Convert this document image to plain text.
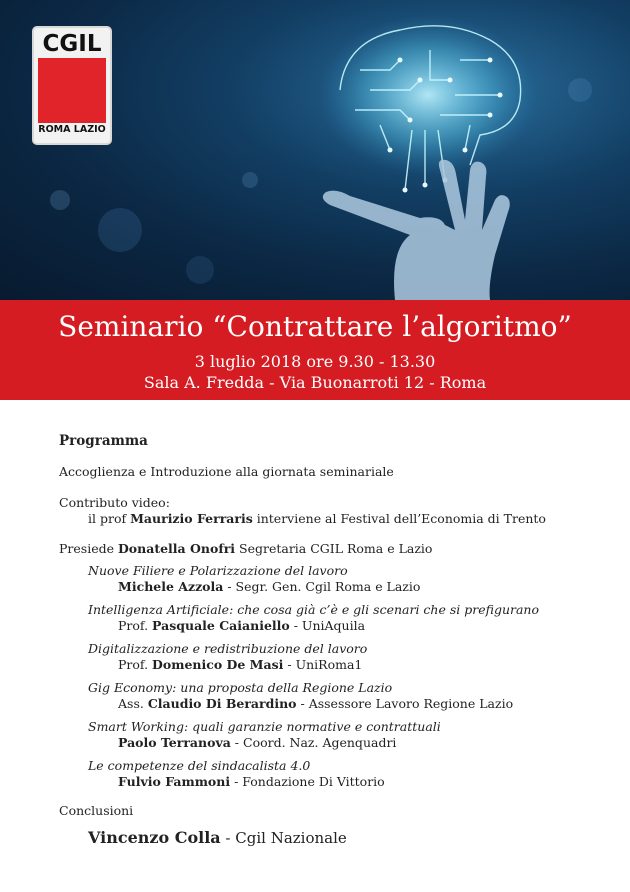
CGIL
ROMA LAZIO
Seminario “Contrattare l’algoritmo”
3 luglio 2018 ore 9.30 - 13.30
Sala A. Fredda - Via Buonarroti 12 - Roma
Programma
Accoglienza e Introduzione alla giornata seminariale
Contributo video:
il prof Maurizio Ferraris interviene al Festival dell’Economia di Trento
Presiede Donatella Onofri Segretaria CGIL Roma e Lazio
Nuove Filiere e Polarizzazione del lavoro
Michele Azzola - Segr. Gen. Cgil Roma e Lazio
Intelligenza Artificiale: che cosa già c’è e gli scenari che si prefigurano
Prof. Pasquale Caianiello - UniAquila
Digitalizzazione e redistribuzione del lavoro
Prof. Domenico De Masi - UniRoma1
Gig Economy: una proposta della Regione Lazio
Ass. Claudio Di Berardino - Assessore Lavoro Regione Lazio
Smart Working: quali garanzie normative e contrattuali
Paolo Terranova - Coord. Naz. Agenquadri
Le competenze del sindacalista 4.0
Fulvio Fammoni - Fondazione Di Vittorio
Conclusioni
Vincenzo Colla - Cgil Nazionale
